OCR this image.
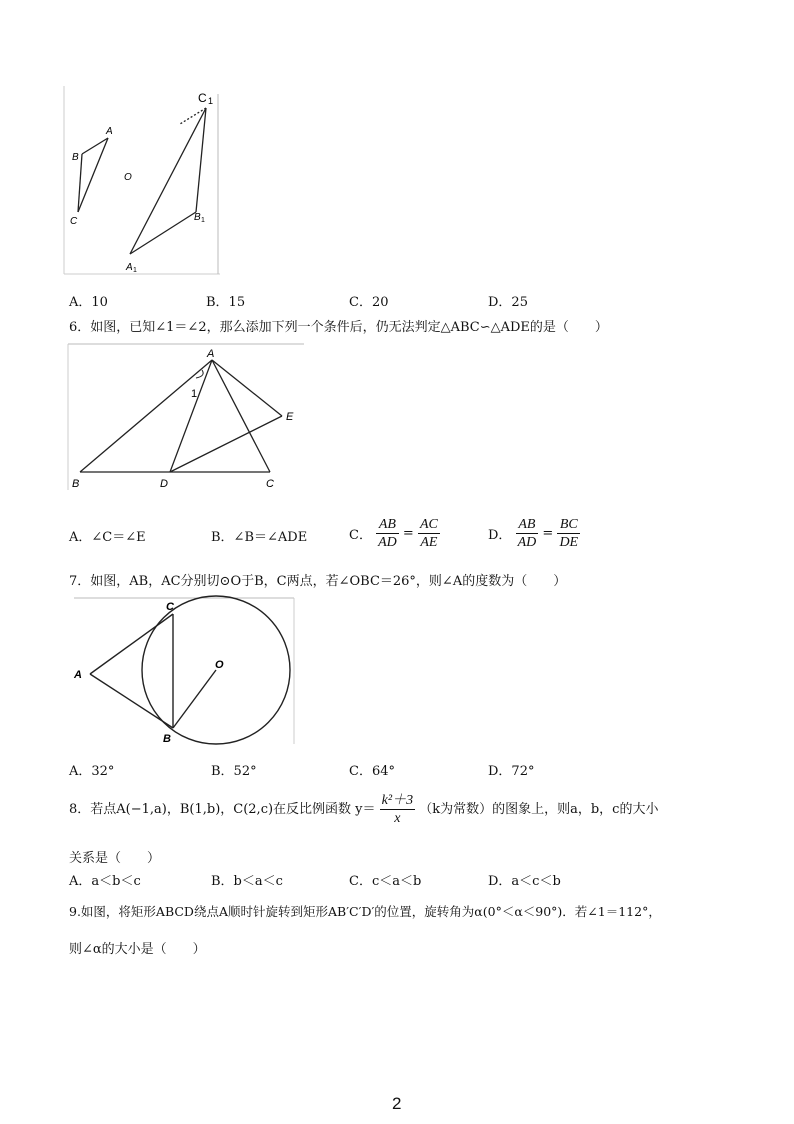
C 1
A
B
O
C	B 1
A 1
A．10	B．15	C．20	D．25
6．如图，已知∠1＝∠2，那么添加下列一个条件后，仍无法判定△ABC∽△ADE的是（　　）
A
1
E
B	D	C
A．∠C＝∠E	B．∠B＝∠ADE	C． $\frac{AB}{AD} = \frac{AC}{AE}$	D． $\frac{AB}{AD} = \frac{BC}{DE}$
7．如图，AB，AC分别切⊙O于B，C两点，若∠OBC＝26°，则∠A的度数为（　　）
A
C
O
B
A．32°	B．52°	C．64°	D．72°
8．若点A(−1,a)，B(1,b)，C(2,c)在反比例函数 $y= \frac{\text{k²＋3}}{x} (k$为常数）的图象上，则a，b，c的大小
关系是（　　）
A．a＜b＜c	B．b＜a＜c	C．c＜a＜b	D．a＜c＜b
9.如图，将矩形ABCD绕点A顺时针旋转到矩形AB′C′D′的位置，旋转角为α(0°＜α＜90°)．若∠1＝112°，
则∠α的大小是（　　）
2
